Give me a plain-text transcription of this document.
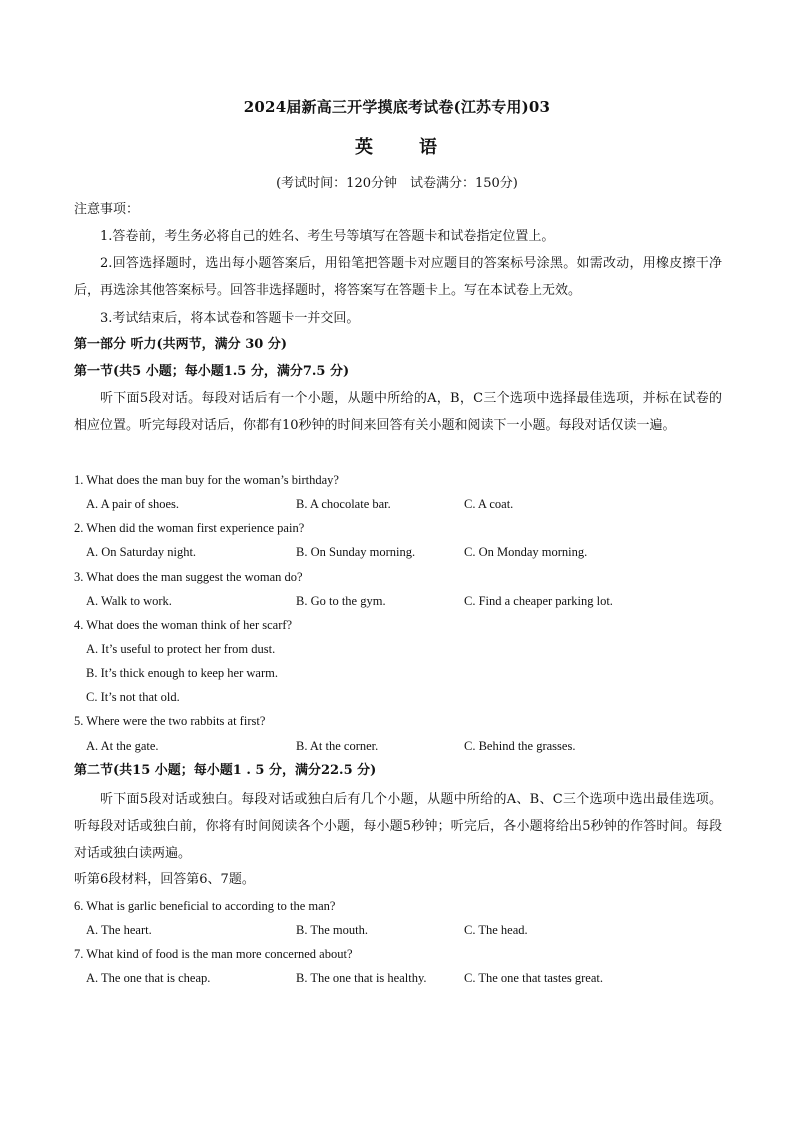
2024届新高三开学摸底考试卷(江苏专用)03
英 语
(考试时间：120分钟　试卷满分：150分)
注意事项：
1.答卷前，考生务必将自己的姓名、考生号等填写在答题卡和试卷指定位置上。
2.回答选择题时，选出每小题答案后，用铅笔把答题卡对应题目的答案标号涂黑。如需改动，用橡皮擦干净后，再选涂其他答案标号。回答非选择题时，将答案写在答题卡上。写在本试卷上无效。
3.考试结束后，将本试卷和答题卡一并交回。
第一部分 听力(共两节，满分 30 分)
第一节(共5 小题；每小题1.5 分，满分7.5 分)
听下面5段对话。每段对话后有一个小题，从题中所给的A，B，C三个选项中选择最佳选项，并标在试卷的相应位置。听完每段对话后，你都有10秒钟的时间来回答有关小题和阅读下一小题。每段对话仅读一遍。
1. What does the man buy for the woman’s birthday?
A. A pair of shoes.	B. A chocolate bar.	C. A coat.
2. When did the woman first experience pain?
A. On Saturday night.	B. On Sunday morning.	C. On Monday morning.
3. What does the man suggest the woman do?
A. Walk to work.	B. Go to the gym.	C. Find a cheaper parking lot.
4. What does the woman think of her scarf?
A. It’s useful to protect her from dust.
B. It’s thick enough to keep her warm.
C. It’s not that old.
5. Where were the two rabbits at first?
A. At the gate.	B. At the corner.	C. Behind the grasses.
第二节(共15 小题；每小题1 . 5 分，满分22.5 分)
听下面5段对话或独白。每段对话或独白后有几个小题，从题中所给的A、B、C三个选项中选出最佳选项。听每段对话或独白前，你将有时间阅读各个小题，每小题5秒钟；听完后，各小题将给出5秒钟的作答时间。每段对话或独白读两遍。
听第6段材料，回答第6、7题。
6. What is garlic beneficial to according to the man?
A. The heart.	B. The mouth.	C. The head.
7. What kind of food is the man more concerned about?
A. The one that is cheap.	B. The one that is healthy.	C. The one that tastes great.
